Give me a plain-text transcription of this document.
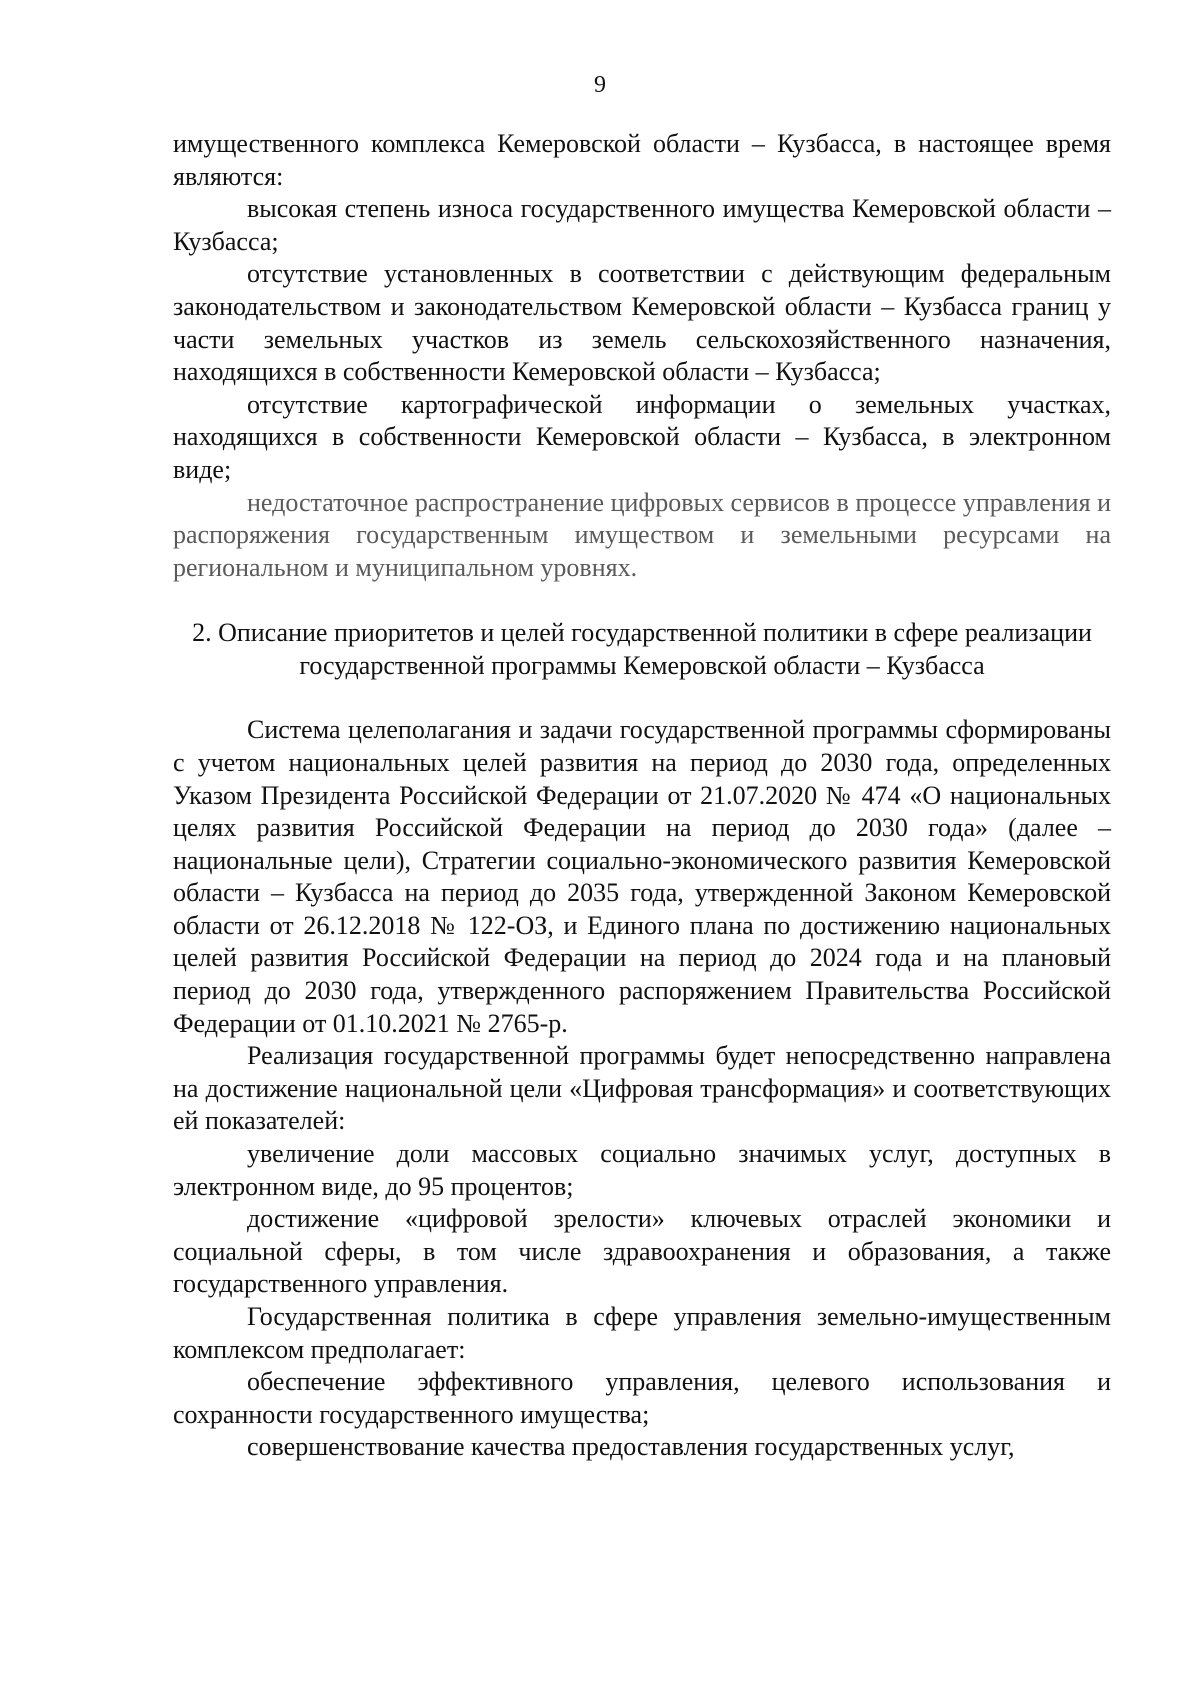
9

имущественного комплекса Кемеровской области – Кузбасса, в настоящее время являются:

высокая степень износа государственного имущества Кемеровской области – Кузбасса;

отсутствие установленных в соответствии с действующим федеральным законодательством и законодательством Кемеровской области – Кузбасса границ у части земельных участков из земель сельскохозяйственного назначения, находящихся в собственности Кемеровской области – Кузбасса;

отсутствие картографической информации о земельных участках, находящихся в собственности Кемеровской области – Кузбасса, в электронном виде;

недостаточное распространение цифровых сервисов в процессе управления и распоряжения государственным имуществом и земельными ресурсами на региональном и муниципальном уровнях.

2. Описание приоритетов и целей государственной политики в сфере реализации государственной программы Кемеровской области – Кузбасса

Система целеполагания и задачи государственной программы сформированы с учетом национальных целей развития на период до 2030 года, определенных Указом Президента Российской Федерации от 21.07.2020 № 474 «О национальных целях развития Российской Федерации на период до 2030 года» (далее – национальные цели), Стратегии социально-экономического развития Кемеровской области – Кузбасса на период до 2035 года, утвержденной Законом Кемеровской области от 26.12.2018 № 122-ОЗ, и Единого плана по достижению национальных целей развития Российской Федерации на период до 2024 года и на плановый период до 2030 года, утвержденного распоряжением Правительства Российской Федерации от 01.10.2021 № 2765-р.

Реализация государственной программы будет непосредственно направлена на достижение национальной цели «Цифровая трансформация» и соответствующих ей показателей:

увеличение доли массовых социально значимых услуг, доступных в электронном виде, до 95 процентов;

достижение «цифровой зрелости» ключевых отраслей экономики и социальной сферы, в том числе здравоохранения и образования, а также государственного управления.

Государственная политика в сфере управления земельно-имущественным комплексом предполагает:

обеспечение эффективного управления, целевого использования и сохранности государственного имущества;

совершенствование качества предоставления государственных услуг,
